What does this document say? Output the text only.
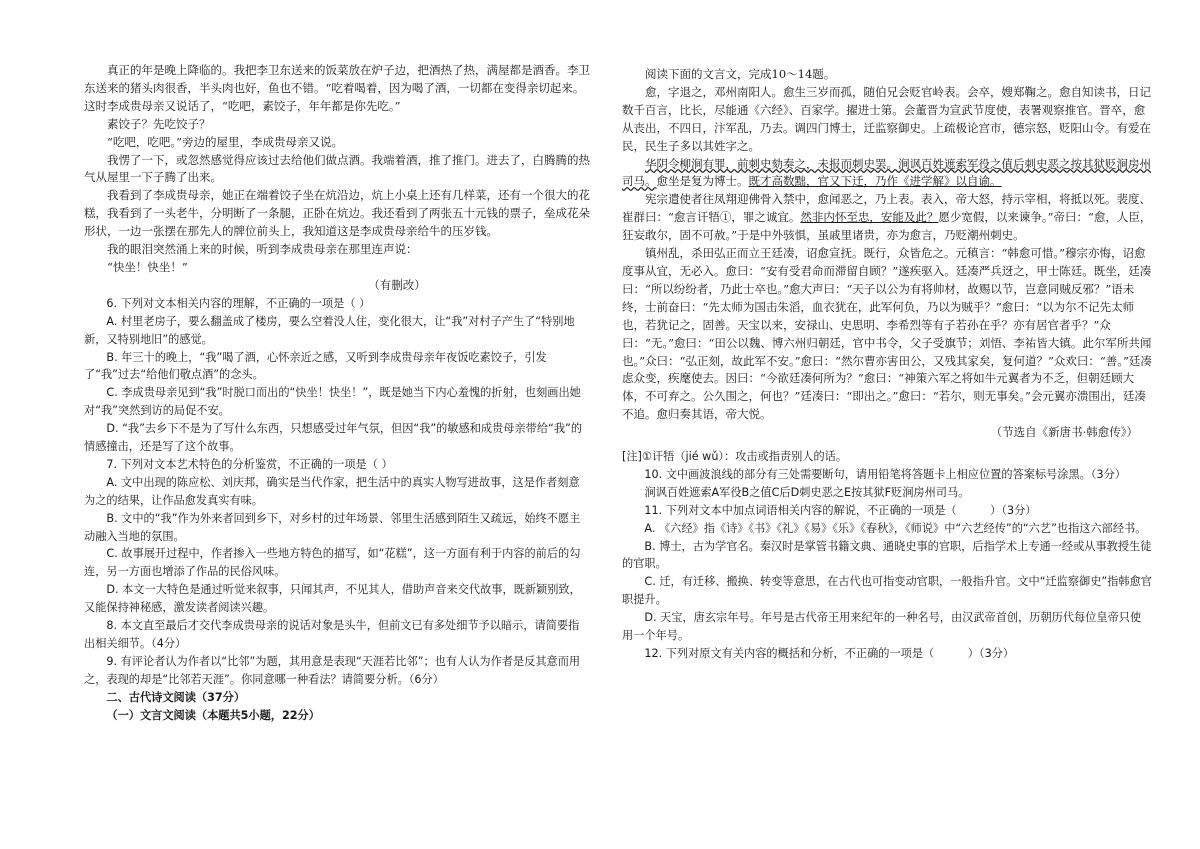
真正的年是晚上降临的。我把李卫东送来的饭菜放在炉子边，把酒热了热，满屋都是酒香。李卫东送来的猪头肉很香，半头肉也好，鱼也不错。“吃着喝着，因为喝了酒，一切都在变得亲切起来。这时李成贵母亲又说话了，“吃吧，素饺子，年年都是你先吃。”

素饺子？先吃饺子？

“吃吧，吃吧。”旁边的屋里，李成贵母亲又说。

我愣了一下，或忽然感觉得应该过去给他们做点酒。我端着酒，推了推门。进去了，白腾腾的热气从屋里一下子腾了出来。

我看到了李成贵母亲，她正在端着饺子坐在炕沿边，炕上小桌上还有几样菜，还有一个很大的花糕，我看到了一头老牛，分明断了一条腿，正卧在炕边。我还看到了两张五十元钱的票子，垒成花朵形状，一边一张摆在那先人的牌位前头上，我知道这是李成贵母亲给牛的压岁钱。

我的眼泪突然涌上来的时候，听到李成贵母亲在那里连声说：

“快坐！快坐！”

（有删改）

6. 下列对文本相关内容的理解，不正确的一项是（ ）

A. 村里老房子，要么翻盖成了楼房，要么空着没人住，变化很大，让“我”对村子产生了“特别地新，又特别地旧”的感觉。

B. 年三十的晚上，“我”喝了酒，心怀亲近之感，又听到李成贵母亲年夜饭吃素饺子，引发了“我”过去“给他们敬点酒”的念头。

C. 李成贵母亲见到“我”时脱口而出的“快坐！快坐！”，既是她当下内心羞愧的折射，也刻画出她对“我”突然到访的局促不安。

D. “我”去乡下不是为了写什么东西，只想感受过年气氛，但因“我”的敏感和成贵母亲带给“我”的情感撞击，还是写了这个故事。

7. 下列对文本艺术特色的分析鉴赏，不正确的一项是（ ）

A. 文中出现的陈应松、刘庆邦，确实是当代作家，把生活中的真实人物写进故事，这是作者刻意为之的结果，让作品愈发真实有味。

B. 文中的“我”作为外来者回到乡下，对乡村的过年场景、邻里生活感到陌生又疏远，始终不愿主动融入当地的氛围。

C. 故事展开过程中，作者掺入一些地方特色的描写，如“花糕”，这一方面有利于内容的前后的勾连，另一方面也增添了作品的民俗风味。

D. 本文一大特色是通过听觉来叙事，只闻其声，不见其人，借助声音来交代故事，既新颖别致，又能保持神秘感，激发读者阅读兴趣。

8. 本文直至最后才交代李成贵母亲的说话对象是头牛，但前文已有多处细节予以暗示，请简要指出相关细节。（4分）

9. 有评论者认为作者以“比邻”为题，其用意是表现“天涯若比邻”；也有人认为作者是反其意而用之，表现的却是“比邻若天涯”。你同意哪一种看法？请简要分析。（6分）

二、古代诗文阅读（37分）

（一）文言文阅读（本题共5小题，22分）

阅读下面的文言文，完成10～14题。

愈，字退之，邓州南阳人。愈生三岁而孤，随伯兄会贬官岭表。会卒，嫂郑鞠之。愈自知读书，日记数千百言，比长，尽能通《六经》、百家学。擢进士第。会董晋为宣武节度使，表署观察推官。晋卒，愈从丧出，不四日，汴军乱，乃去。调四门博士，迁监察御史。上疏极论宫市，德宗怒，贬阳山令。有爱在民，民生子多以其姓字之。

华阴令柳涧有罪，前刺史劾奏之，未报而刺史罢。涧讽百姓遮索军役之值后刺史恶之按其狱贬涧房州司马。愈坐是复为博士。既才高数黜，官又下迁，乃作《进学解》以自谕。

宪宗遣使者往凤翔迎佛骨入禁中，愈闻恶之，乃上表。表入，帝大怒，持示宰相，将抵以死。裴度、崔群曰：“愈言讦牾①，罪之诚宜。然非内怀至忠，安能及此？愿少宽假，以来谏争。”帝曰：“愈，人臣，狂妄敢尔，固不可赦。”于是中外骇惧，虽戚里诸贵，亦为愈言，乃贬潮州刺史。

镇州乱，杀田弘正而立王廷凑，诏愈宣抚。既行，众皆危之。元稹言：“韩愈可惜。”穆宗亦悔，诏愈度事从宜，无必入。愈曰：“安有受君命而滞留自顾？”遂疾驱入。廷凑严兵迓之，甲士陈廷。既坐，廷凑曰：“所以纷纷者，乃此士卒也。”愈大声曰：“天子以公为有将帅材，故赐以节，岂意同贼反邪？”语未终，士前奋曰：“先太师为国击朱滔，血衣犹在，此军何负，乃以为贼乎？”愈曰：“以为尔不记先太师也，若犹记之，固善。天宝以来，安禄山、史思明、李希烈等有子若孙在乎？亦有居官者乎？”众曰：“无。”愈曰：“田公以魏、博六州归朝廷，官中书令，父子受旗节；刘悟、李祐皆大镇。此尔军所共闻也。”众曰：“弘正刻，故此军不安。”愈曰：“然尔曹亦害田公，又残其家矣，复何道？”众欢曰：“善。”廷凑虑众变，疾麾使去。因曰：“今欲廷凑何所为？”愈曰：“神策六军之将如牛元翼者为不乏，但朝廷顾大体，不可弃之。公久围之，何也？”廷凑曰：“即出之。”愈曰：“若尔，则无事矣。”会元翼亦溃围出，廷凑不追。愈归奏其语，帝大悦。

（节选自《新唐书·韩愈传》）

[注]①讦牾（jié wǔ）：攻击或指责别人的话。

10. 文中画波浪线的部分有三处需要断句，请用铅笔将答题卡上相应位置的答案标号涂黑。（3分）

涧讽百姓遮索A军役B之值C后D刺史恶之E按其狱F贬涧房州司马。

11. 下列对文本中加点词语相关内容的解说，不正确的一项是（　　　）（3分）

A. 《六经》指《诗》《书》《礼》《易》《乐》《春秋》，《师说》中“六艺经传”的“六艺”也指这六部经书。

B. 博士，古为学官名。秦汉时是掌管书籍文典、通晓史事的官职，后指学术上专通一经或从事教授生徒的官职。

C. 迁，有迁移、搬换、转变等意思，在古代也可指变动官职，一般指升官。文中“迁监察御史”指韩愈官职提升。

D. 天宝，唐玄宗年号。年号是古代帝王用来纪年的一种名号，由汉武帝首创，历朝历代每位皇帝只使用一个年号。

12. 下列对原文有关内容的概括和分析，不正确的一项是（　　　）（3分）
